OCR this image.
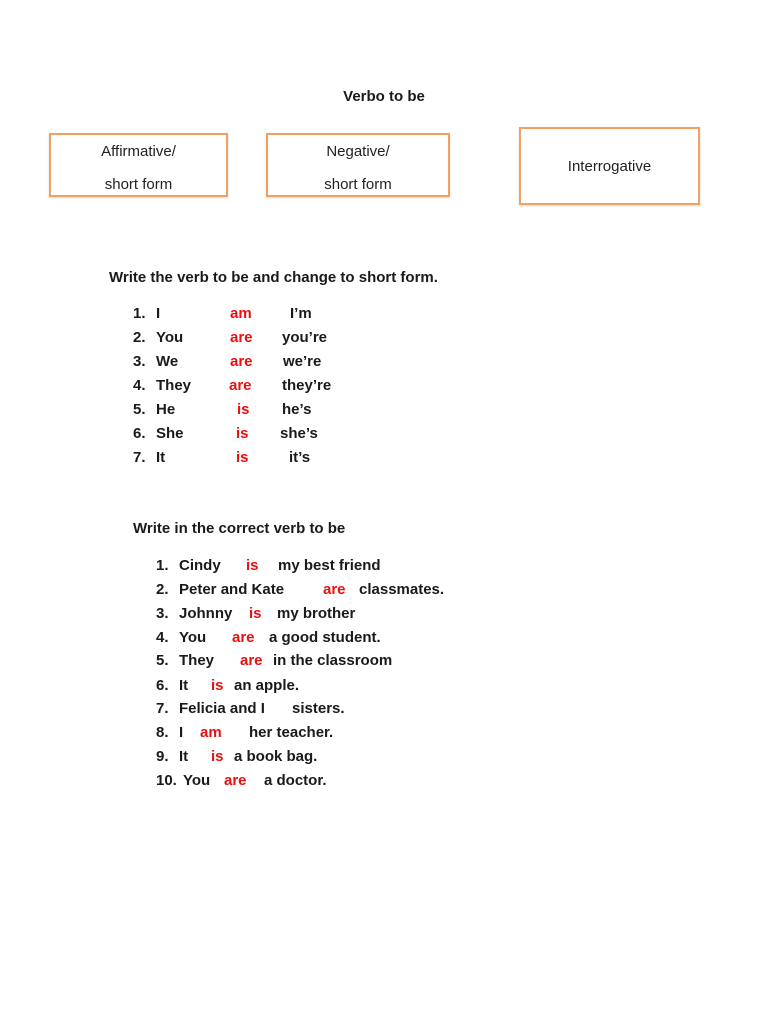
Verbo to be
Affirmative/
short form
Negative/
short form
Interrogative
Write the verb to be and change to short form.
1. I	am	I’m
2. You	are you’re
3. We	are we’re
4. They	are they’re
5. He	is he’s
6. She	is she’s
7. It	is	it’s
Write in the correct verb to be
1. Cindy is my best friend
2. Peter and Kate	are classmates.
3. Johnny is my brother
4. You are a good student.
5. They are in the classroom
6. It is an apple.
7. Felicia and I sisters.
8. I am her teacher.
9. It is a book bag.
10. You are a doctor.
